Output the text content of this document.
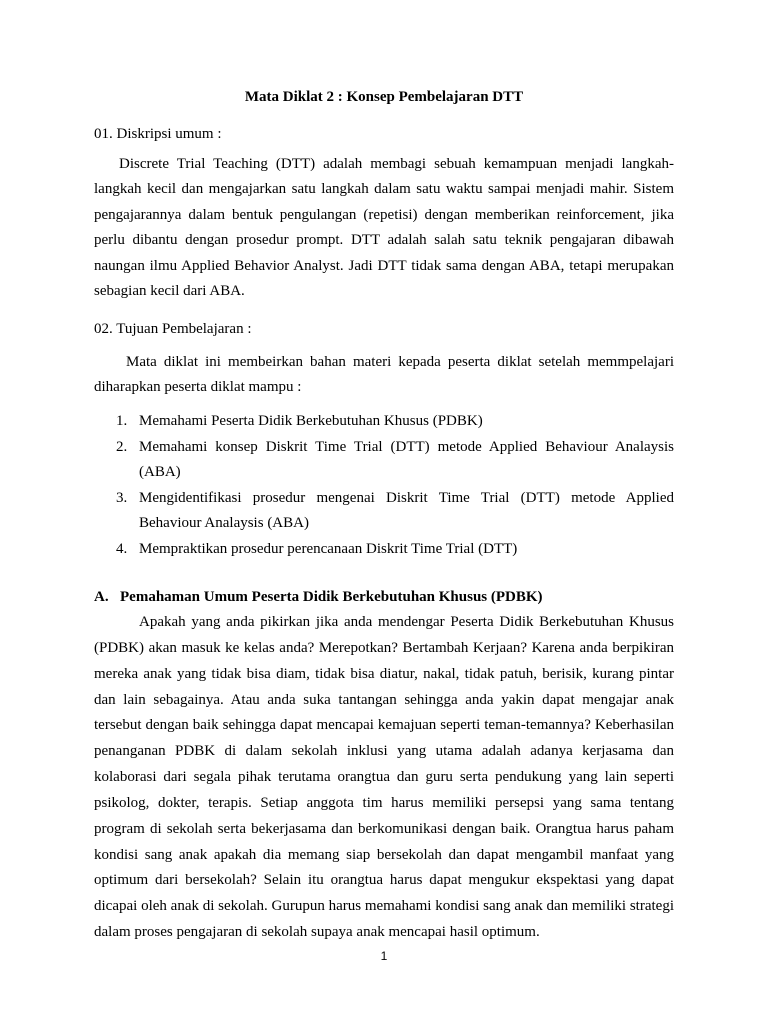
Mata Diklat 2 : Konsep Pembelajaran DTT
01. Diskripsi umum :

Discrete Trial Teaching (DTT) adalah membagi sebuah kemampuan menjadi langkah-langkah kecil dan mengajarkan satu langkah dalam satu waktu sampai menjadi mahir. Sistem pengajarannya dalam bentuk pengulangan (repetisi) dengan memberikan reinforcement, jika perlu dibantu dengan prosedur prompt. DTT adalah salah satu teknik pengajaran dibawah naungan ilmu Applied Behavior Analyst. Jadi DTT tidak sama dengan ABA, tetapi merupakan sebagian kecil dari ABA.

02. Tujuan Pembelajaran :

Mata diklat ini membeirkan bahan materi kepada peserta diklat setelah memmpelajari diharapkan peserta diklat mampu :

1. Memahami Peserta Didik Berkebutuhan Khusus (PDBK)
2. Memahami konsep Diskrit Time Trial (DTT) metode Applied Behaviour Analaysis (ABA)
3. Mengidentifikasi prosedur mengenai Diskrit Time Trial (DTT) metode Applied Behaviour Analaysis (ABA)
4. Mempraktikan prosedur perencanaan Diskrit Time Trial (DTT)
A. Pemahaman Umum Peserta Didik Berkebutuhan Khusus (PDBK)

Apakah yang anda pikirkan jika anda mendengar Peserta Didik Berkebutuhan Khusus (PDBK) akan masuk ke kelas anda? Merepotkan? Bertambah Kerjaan? Karena anda berpikiran mereka anak yang tidak bisa diam, tidak bisa diatur, nakal, tidak patuh, berisik, kurang pintar dan lain sebagainya. Atau anda suka tantangan sehingga anda yakin dapat mengajar anak tersebut dengan baik sehingga dapat mencapai kemajuan seperti teman-temannya? Keberhasilan penanganan PDBK di dalam sekolah inklusi yang utama adalah adanya kerjasama dan kolaborasi dari segala pihak terutama orangtua dan guru serta pendukung yang lain seperti psikolog, dokter, terapis. Setiap anggota tim harus memiliki persepsi yang sama tentang program di sekolah serta bekerjasama dan berkomunikasi dengan baik. Orangtua harus paham kondisi sang anak apakah dia memang siap bersekolah dan dapat mengambil manfaat yang optimum dari bersekolah? Selain itu orangtua harus dapat mengukur ekspektasi yang dapat dicapai oleh anak di sekolah. Gurupun harus memahami kondisi sang anak dan memiliki strategi dalam proses pengajaran di sekolah supaya anak mencapai hasil optimum.

1
